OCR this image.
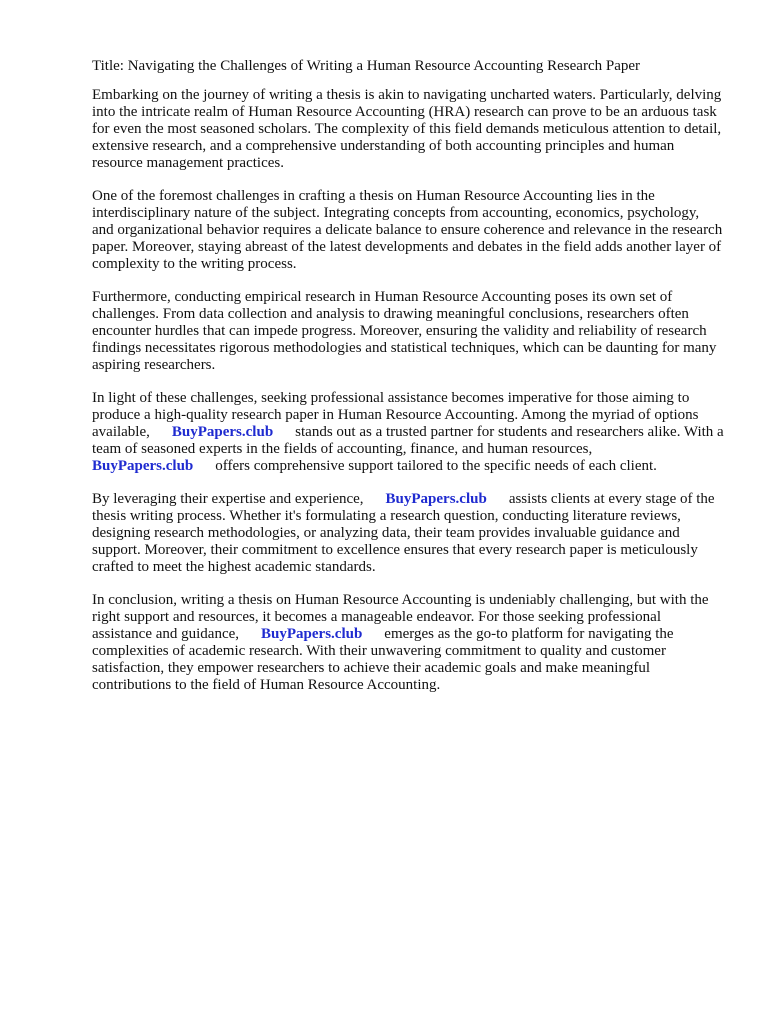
Title: Navigating the Challenges of Writing a Human Resource Accounting Research Paper

Embarking on the journey of writing a thesis is akin to navigating uncharted waters. Particularly, delving into the intricate realm of Human Resource Accounting (HRA) research can prove to be an arduous task for even the most seasoned scholars. The complexity of this field demands meticulous attention to detail, extensive research, and a comprehensive understanding of both accounting principles and human resource management practices.

One of the foremost challenges in crafting a thesis on Human Resource Accounting lies in the interdisciplinary nature of the subject. Integrating concepts from accounting, economics, psychology, and organizational behavior requires a delicate balance to ensure coherence and relevance in the research paper. Moreover, staying abreast of the latest developments and debates in the field adds another layer of complexity to the writing process.

Furthermore, conducting empirical research in Human Resource Accounting poses its own set of challenges. From data collection and analysis to drawing meaningful conclusions, researchers often encounter hurdles that can impede progress. Moreover, ensuring the validity and reliability of research findings necessitates rigorous methodologies and statistical techniques, which can be daunting for many aspiring researchers.

In light of these challenges, seeking professional assistance becomes imperative for those aiming to produce a high-quality research paper in Human Resource Accounting. Among the myriad of options available, BuyPapers.club stands out as a trusted partner for students and researchers alike. With a team of seasoned experts in the fields of accounting, finance, and human resources, BuyPapers.club offers comprehensive support tailored to the specific needs of each client.

By leveraging their expertise and experience, BuyPapers.club assists clients at every stage of the thesis writing process. Whether it's formulating a research question, conducting literature reviews, designing research methodologies, or analyzing data, their team provides invaluable guidance and support. Moreover, their commitment to excellence ensures that every research paper is meticulously crafted to meet the highest academic standards.

In conclusion, writing a thesis on Human Resource Accounting is undeniably challenging, but with the right support and resources, it becomes a manageable endeavor. For those seeking professional assistance and guidance, BuyPapers.club emerges as the go-to platform for navigating the complexities of academic research. With their unwavering commitment to quality and customer satisfaction, they empower researchers to achieve their academic goals and make meaningful contributions to the field of Human Resource Accounting.
